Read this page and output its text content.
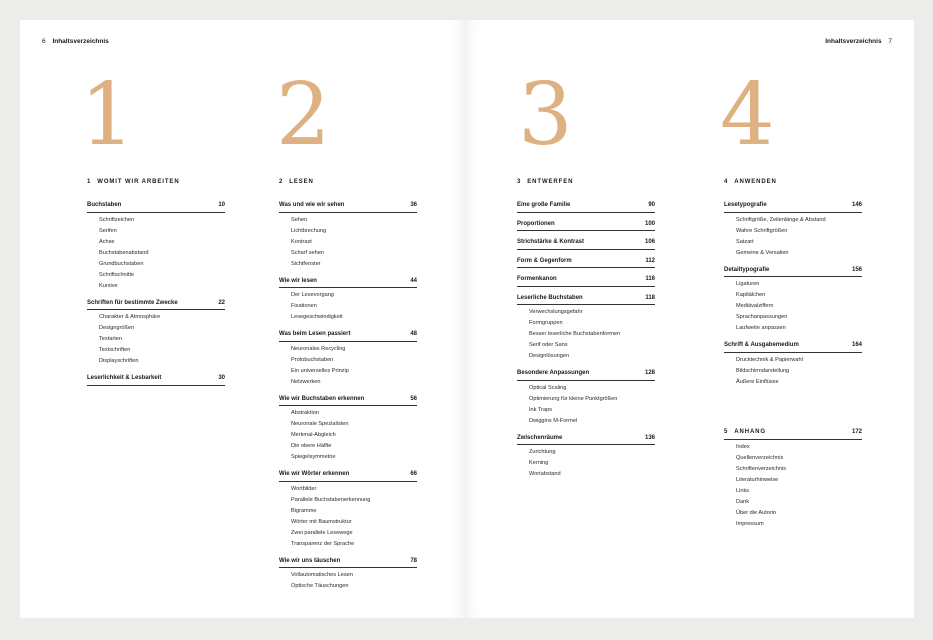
6 Inhaltsverzeichnis
1 2
1 WOMIT WIR ARBEITEN
Buchstaben	10
Schriftzeichen
Serifen
Achse
Buchstabenabstand
Grundbuchstaben
Schriftschnitte
Kursive
Schriften für bestimmte Zwecke	22
Charakter & Atmosphäre
Designgrößen
Textarten
Textschriften
Displayschriften
Leserlichkeit & Lesbarkeit	30
2 LESEN
Was und wie wir sehen	36
Sehen
Lichtbrechung
Kontrast
Scharf sehen
Sichtfenster
Wie wir lesen	44
Der Lesevorgang
Fixationen
Lesegeschwindigkeit
Was beim Lesen passiert	48
Neuronales Recycling
Protobuchstaben
Ein universelles Prinzip
Netzwerken
Wie wir Buchstaben erkennen	56
Abstraktion
Neuronale Spezialisten
Merkmal-Abgleich
Die obere Hälfte
Spiegelsymmetrie
Wie wir Wörter erkennen	66
Wortbilder
Parallele Buchstabenerkennung
Bigramme
Wörter mit Baumstruktur
Zwei parallele Lesewege
Transparenz der Sprache
Wie wir uns täuschen	78
Vollautomatisches Lesen
Optische Täuschungen
Inhaltsverzeichnis 7
3 4
3 ENTWERFEN
Eine große Familie	90
Proportionen	100
Strichstärke & Kontrast	106
Form & Gegenform	112
Formenkanon	116
Leserliche Buchstaben	118
Verwechslungsgefahr
Formgruppen
Besser leserliche Buchstabenformen
Serif oder Sans
Designlösungen
Besondere Anpassungen	128
Optical Scaling
Optimierung für kleine Punktgrößen
Ink Traps
Dwiggins M-Formel
Zwischenräume	136
Zurichtung
Kerning
Wortabstand
4 ANWENDEN
Lesetypografie	146
Schriftgröße, Zeilenlänge & Abstand
Wahre Schriftgrößen
Satzart
Gemeine & Versalien
Detailtypografie	156
Ligaturen
Kapitälchen
Mediävalziffern
Sprachanpassungen
Laufweite anpassen
Schrift & Ausgabemedium	164
Drucktechnik & Papierwahl
Bildschirmdarstellung
Äußere Einflüsse
5 ANHANG	172
Index
Quellenverzeichnis
Schriftenverzeichnis
Literaturhinweise
Links
Dank
Über die Autorin
Impressum
